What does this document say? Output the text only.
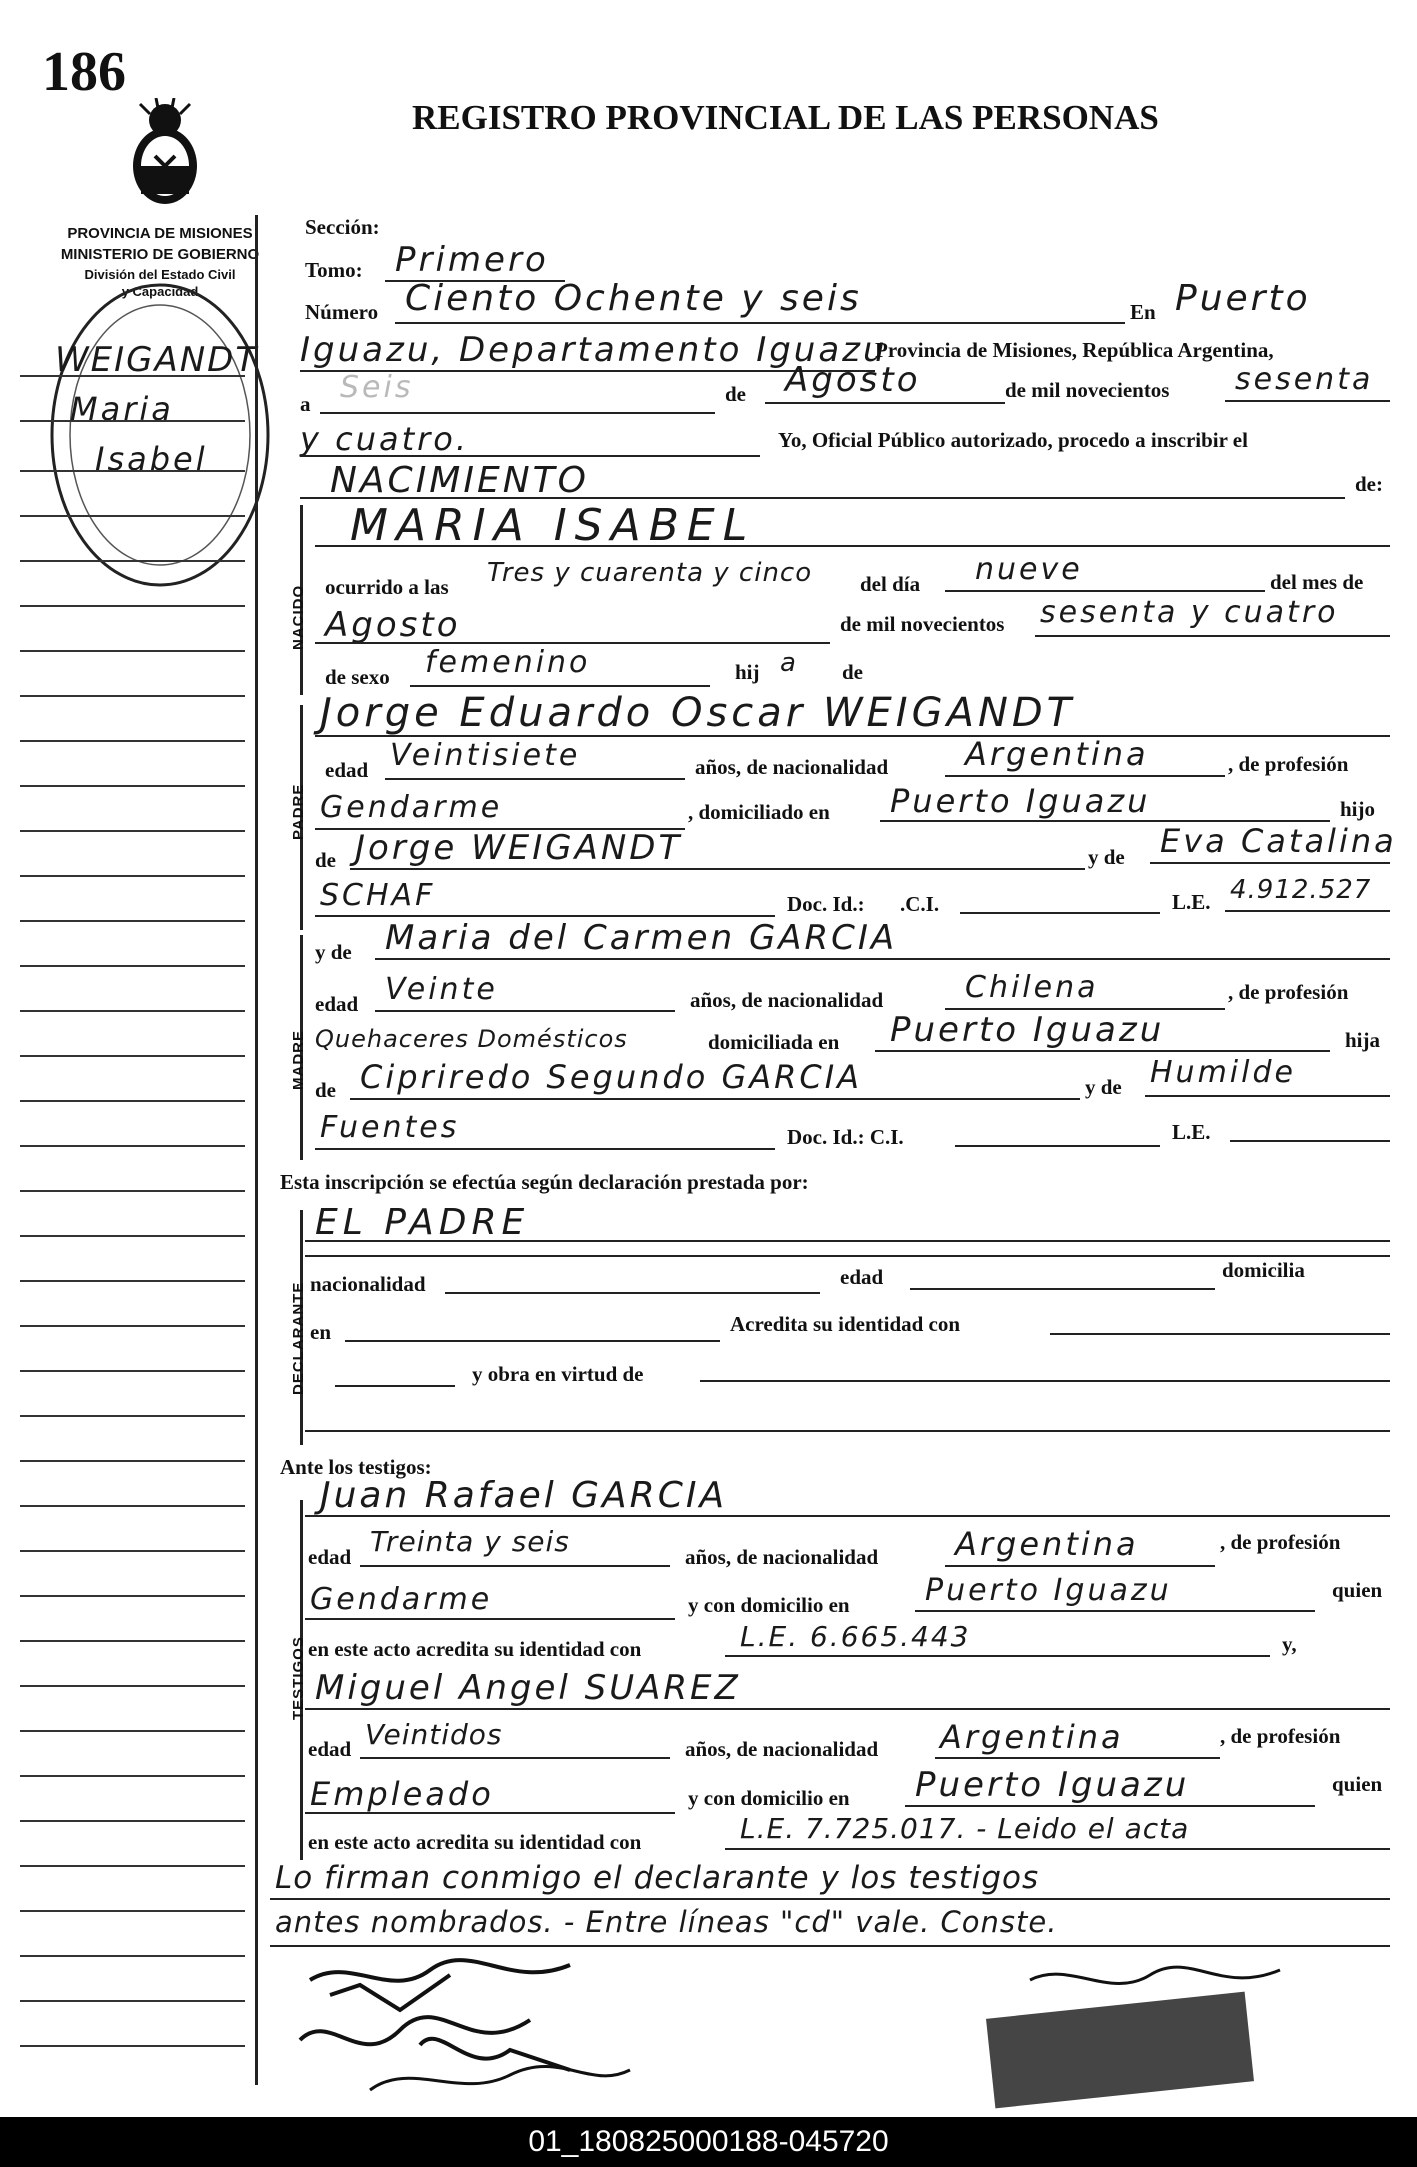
186
REGISTRO PROVINCIAL DE LAS PERSONAS
PROVINCIA DE MISIONES
MINISTERIO DE GOBIERNO
División del Estado Civil
y Capacidad
WEIGANDT
Maria
Isabel
NACIDO
PADRE
MADRE
DECLARANTE
TESTIGOS
Sección:
Tomo: Primero
Número Ciento Ochente y seis	En Puerto
Iguazu, Departamento Iguazu
Provincia de Misiones, República Argentina,
a Seis	de Agosto	de mil novecientos sesenta
y cuatro.	Yo, Oficial Público autorizado, procedo a inscribir el
NACIMIENTO	de:
MARIA ISABEL
ocurrido a las Tres y cuarenta y cinco del día nueve	del mes de
Agosto	de mil novecientos sesenta y cuatro
de sexo femenino	hij a de
Jorge Eduardo Oscar WEIGANDT
edad Veintisiete	años, de nacionalidad Argentina	, de profesión
Gendarme	, domiciliado en Puerto Iguazu	hijo
de Jorge WEIGANDT	y de Eva Catalina
SCHAF	Doc. Id.: .C.I.	L.E. 4.912.527
y de Maria del Carmen GARCIA
edad Veinte	años, de nacionalidad	Chilena	, de profesión
Quehaceres Domésticos	domiciliada en Puerto Iguazu	hija
de Cipriredo Segundo GARCIA	y de Humilde
Fuentes	Doc. Id.: C.I.	L.E.
Esta inscripción se efectúa según declaración prestada por:
EL PADRE
nacionalidad	edad	domicilia
en	Acredita su identidad con
y obra en virtud de
Ante los testigos:
Juan Rafael GARCIA
edad Treinta y seis	años, de nacionalidad Argentina	, de profesión
Gendarme	y con domicilio en	Puerto Iguazu	quien
en este acto acredita su identidad con	L.E. 6.665.443	y,
Miguel Angel SUAREZ
edad Veintidos	años, de nacionalidad Argentina	, de profesión
Empleado	y con domicilio en Puerto Iguazu	quien
en este acto acredita su identidad con	L.E. 7.725.017. - Leido el acta
Lo firman conmigo el declarante y los testigos
antes nombrados. - Entre líneas "cd" vale. Conste.
01_180825000188-045720
